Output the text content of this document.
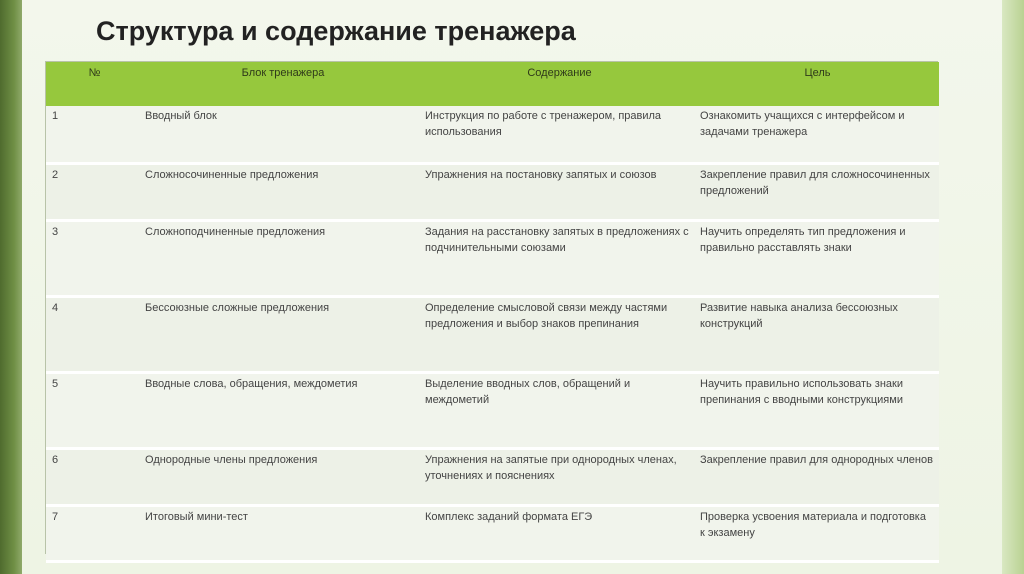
Структура и содержание тренажера
№	Блок тренажера	Содержание	Цель
1	Вводный блок	Инструкция по работе с тренажером, правила использования	Ознакомить учащихся с интерфейсом и задачами тренажера
2	Сложносочиненные предложения	Упражнения на постановку запятых и союзов	Закрепление правил для сложносочиненных предложений
3	Сложноподчиненные предложения	Задания на расстановку запятых в предложениях с подчинительными союзами	Научить определять тип предложения и правильно расставлять знаки
4	Бессоюзные сложные предложения	Определение смысловой связи между частями предложения и выбор знаков препинания	Развитие навыка анализа бессоюзных конструкций
5	Вводные слова, обращения, междометия	Выделение вводных слов, обращений и междометий	Научить правильно использовать знаки препинания с вводными конструкциями
6	Однородные члены предложения	Упражнения на запятые при однородных членах, уточнениях и пояснениях	Закрепление правил для однородных членов
7	Итоговый мини-тест	Комплекс заданий формата ЕГЭ	Проверка усвоения материала и подготовка к экзамену
